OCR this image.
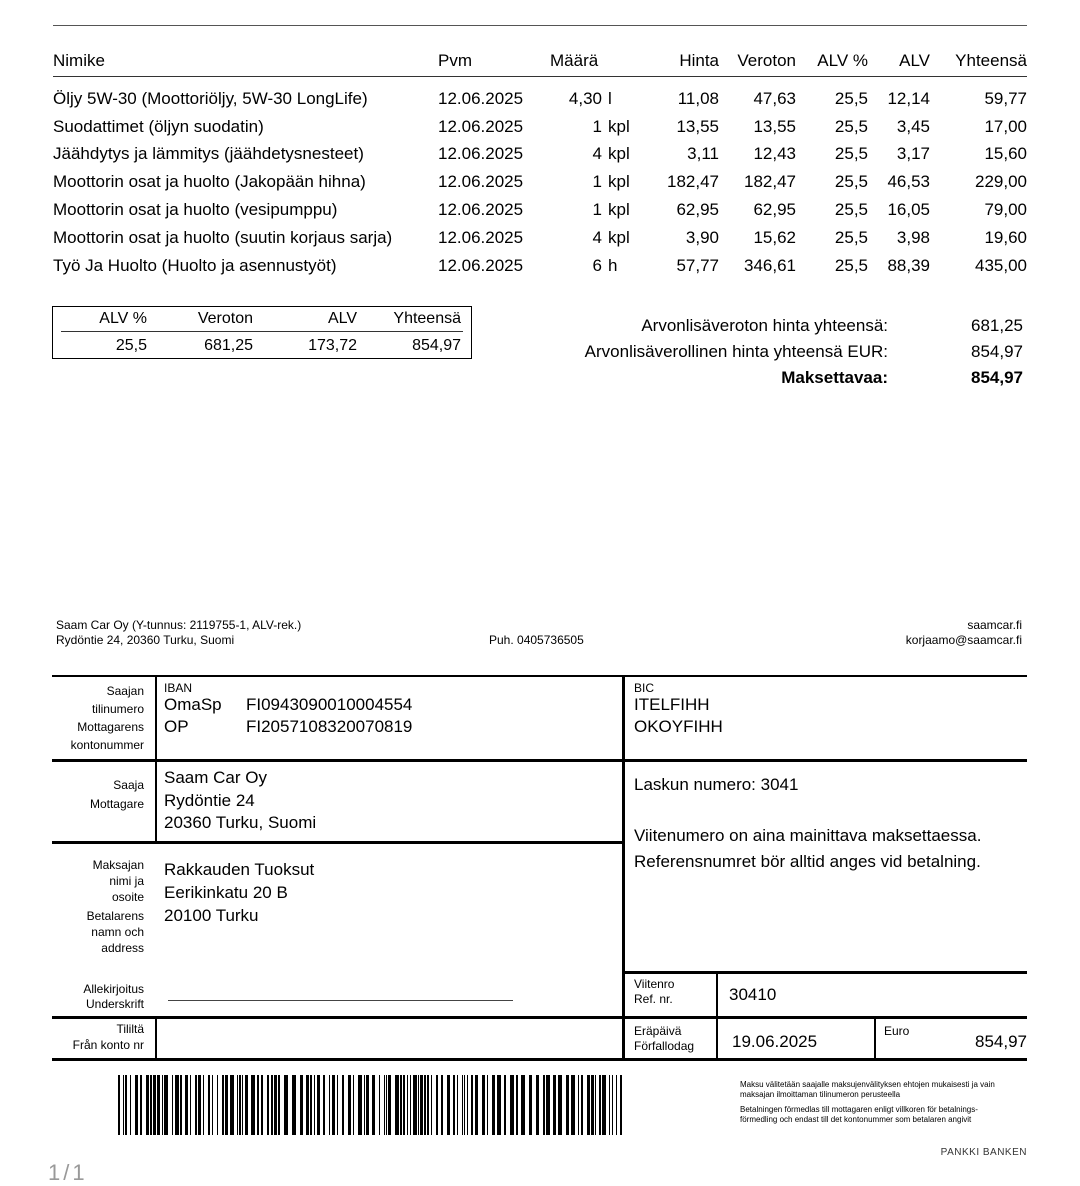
Nimike	Pvm	Määrä		Hinta	Veroton	ALV %	ALV	Yhteensä
Öljy 5W-30 (Moottoriöljy, 5W-30 LongLife)	12.06.2025	4,30	l	11,08	47,63	25,5	12,14	59,77
Suodattimet (öljyn suodatin)	12.06.2025	1	kpl	13,55	13,55	25,5	3,45	17,00
Jäähdytys ja lämmitys (jäähdetysnesteet)	12.06.2025	4	kpl	3,11	12,43	25,5	3,17	15,60
Moottorin osat ja huolto (Jakopään hihna)	12.06.2025	1	kpl	182,47	182,47	25,5	46,53	229,00
Moottorin osat ja huolto (vesipumppu)	12.06.2025	1	kpl	62,95	62,95	25,5	16,05	79,00
Moottorin osat ja huolto (suutin korjaus sarja)	12.06.2025	4	kpl	3,90	15,62	25,5	3,98	19,60
Työ Ja Huolto (Huolto ja asennustyöt)	12.06.2025	6	h	57,77	346,61	25,5	88,39	435,00
ALV %	Veroton	ALV	Yhteensä
25,5	681,25	173,72	854,97
Arvonlisäveroton hinta yhteensä:	681,25
Arvonlisäverollinen hinta yhteensä EUR:	854,97
Maksettavaa:	854,97
Saam Car Oy (Y-tunnus: 2119755-1, ALV-rek.)
Rydöntie 24, 20360 Turku, Suomi	Puh. 0405736505
saamcar.fi
korjaamo@saamcar.fi
Saajan
tilinumero
Mottagarens
kontonummer
IBAN
OmaSp FI0943090010004554
OP	FI2057108320070819
BIC
ITELFIHH
OKOYFIHH
Saaja
Mottagare
Saam Car Oy
Rydöntie 24
20360 Turku, Suomi
Laskun numero: 3041
Viitenumero on aina mainittava maksettaessa.
Referensnumret bör alltid anges vid betalning.
Maksajan
nimi ja
osoite
Betalarens
namn och
address
Rakkauden Tuoksut
Eerikinkatu 20 B
20100 Turku
Allekirjoitus
Underskrift
Viitenro
Ref. nr.	30410
Tililtä
Från konto nr
Eräpäivä
Förfallodag 19.06.2025
Euro
854,97
Maksu välitetään saajalle maksujenvälityksen ehtojen mukaisesti ja vain
maksajan ilmoittaman tilinumeron perusteella
Betalningen förmedlas till mottagaren enligt villkoren för betalnings-
förmedling och endast till det kontonummer som betalaren angivit
PANKKI BANKEN
1/1
